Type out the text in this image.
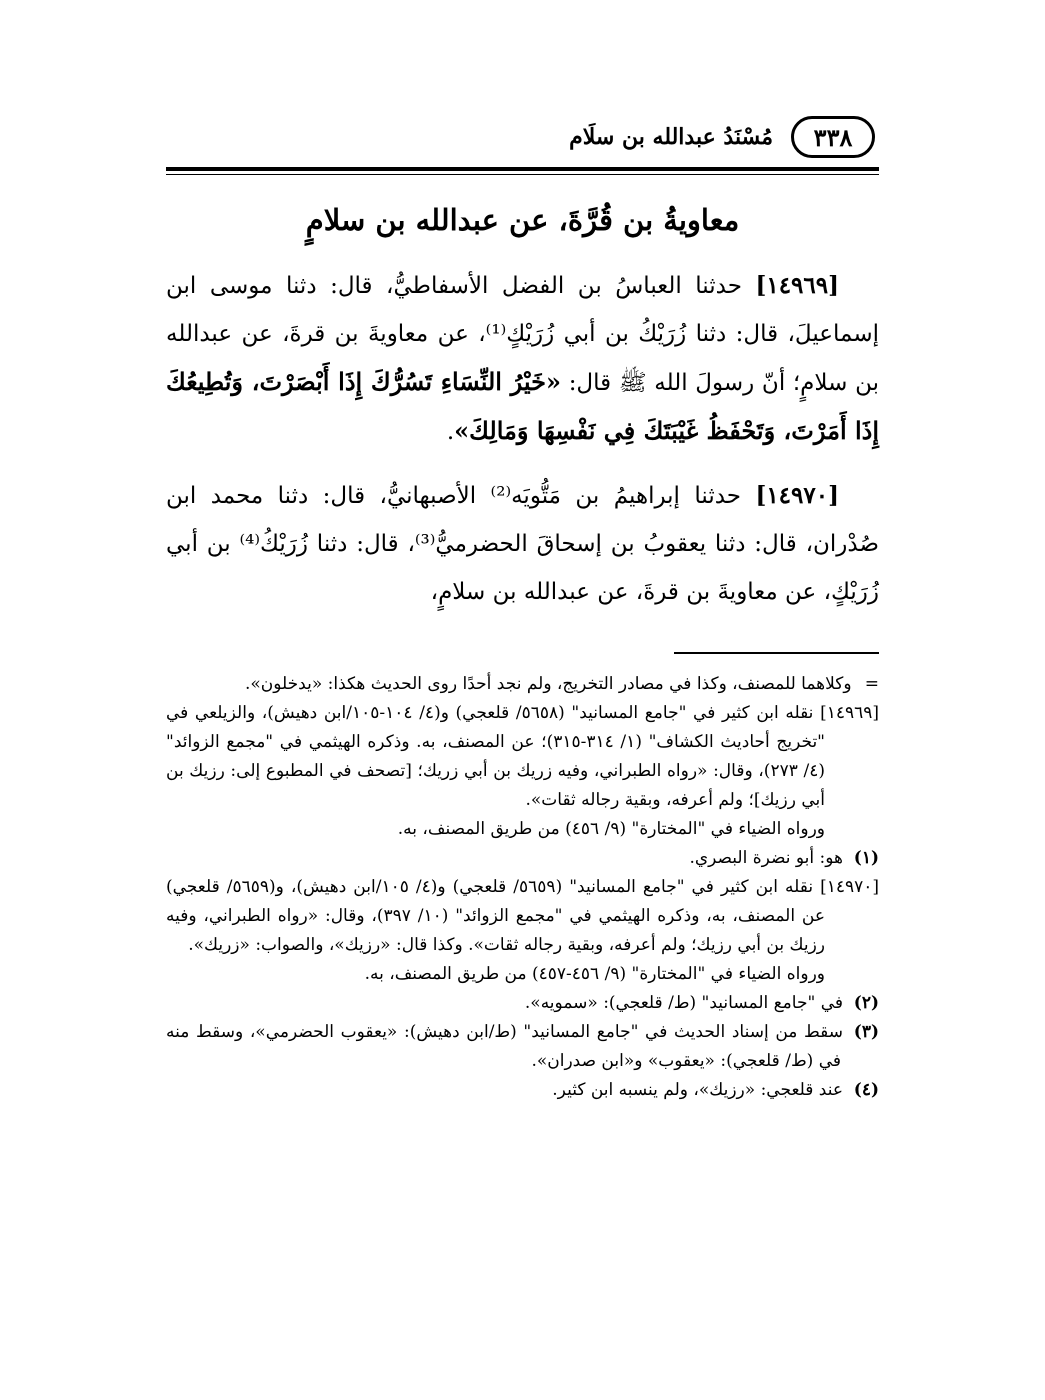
٣٣٨
مُسْنَدُ عبدالله بن سلَام
معاويةُ بن قُرَّةَ، عن عبدالله بن سلامٍ

[١٤٩٦٩] حدثنا العباسُ بن الفضل الأسفاطيُّ، قال: دثنا موسى ابن إسماعيلَ، قال: دثنا زُرَيْكُ بن أبي زُرَيْكٍ⁽¹⁾، عن معاويةَ بن قرةَ، عن عبدالله بن سلامٍ؛ أنّ رسولَ الله ﷺ قال: «خَيْرُ النِّسَاءِ تَسُرُّكَ إِذَا أَبْصَرْتَ، وَتُطِيعُكَ إِذَا أَمَرْتَ، وَتَحْفَظُ غَيْبَتَكَ فِي نَفْسِهَا وَمَالِكَ».

[١٤٩٧٠] حدثنا إبراهيمُ بن مَتُّويَه⁽²⁾ الأصبهانيُّ، قال: دثنا محمد ابن صُدْران، قال: دثنا يعقوبُ بن إسحاقَ الحضرميُّ⁽³⁾، قال: دثنا زُرَيْكُ⁽⁴⁾ بن أبي زُرَيْكٍ، عن معاويةَ بن قرةَ، عن عبدالله بن سلامٍ،

= وكلاهما للمصنف، وكذا في مصادر التخريج، ولم نجد أحدًا روى الحديث هكذا: «يدخلون».

[١٤٩٦٩] نقله ابن كثير في "جامع المسانيد" (٥٦٥٨/ قلعجي) و(٤/ ١٠٤-١٠٥/ابن دهيش)، والزيلعي في "تخريج أحاديث الكشاف" (١/ ٣١٤-٣١٥)؛ عن المصنف، به. وذكره الهيثمي في "مجمع الزوائد" (٤/ ٢٧٣)، وقال: «رواه الطبراني، وفيه زريك بن أبي زريك؛ [تصحف في المطبوع إلى: رزيك بن أبي رزيك]؛ ولم أعرفه، وبقية رجاله ثقات».

ورواه الضياء في "المختارة" (٩/ ٤٥٦) من طريق المصنف، به.

(١)هو: أبو نضرة البصري.

[١٤٩٧٠] نقله ابن كثير في "جامع المسانيد" (٥٦٥٩/ قلعجي) و(٤/ ١٠٥/ابن دهيش)، و(٥٦٥٩/ قلعجي) عن المصنف، به، وذكره الهيثمي في "مجمع الزوائد" (١٠/ ٣٩٧)، وقال: «رواه الطبراني، وفيه رزيك بن أبي رزيك؛ ولم أعرفه، وبقية رجاله ثقات». وكذا قال: «رزيك»، والصواب: «زريك».

ورواه الضياء في "المختارة" (٩/ ٤٥٦-٤٥٧) من طريق المصنف، به.

(٢)في "جامع المسانيد" (ط/ قلعجي): «سمويه».

(٣)سقط من إسناد الحديث في "جامع المسانيد" (ط/ابن دهيش): «يعقوب الحضرمي»، وسقط منه في (ط/ قلعجي): «يعقوب» و«ابن صدران».

(٤)عند قلعجي: «رزيك»، ولم ينسبه ابن كثير.
